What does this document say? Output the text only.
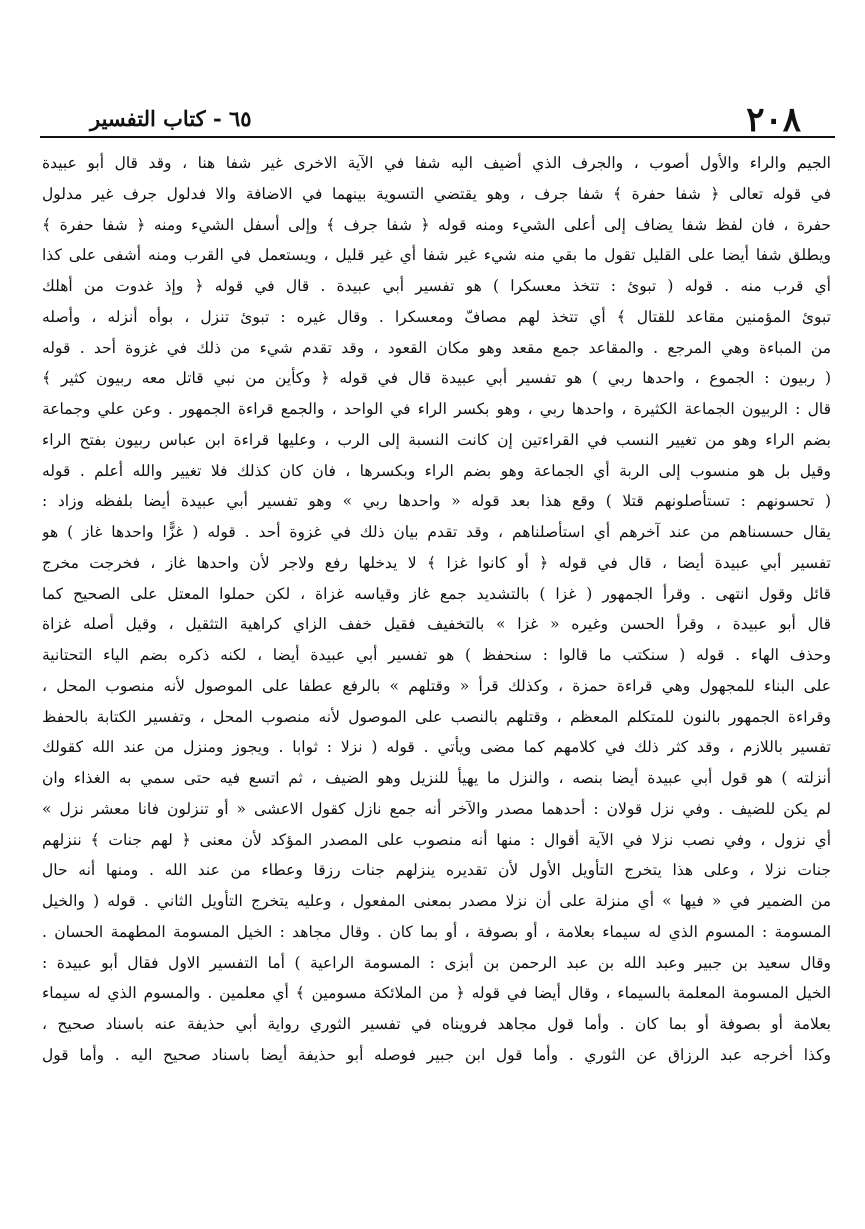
٢٠٨
٦٥ - كتاب التفسير
الجيم والراء والأول أصوب ، والجرف الذي أضيف اليه شفا في الآية الاخرى غير شفا هنا ، وقد قال أبو عبيدة
في قوله تعالى ﴿ شفا حفرة ﴾ شفا جرف ، وهو يقتضي التسوية بينهما في الاضافة والا فدلول جرف غير مدلول
حفرة ، فان لفظ شفا يضاف إلى أعلى الشيء ومنه قوله ﴿ شفا جرف ﴾ وإلى أسفل الشيء ومنه ﴿ شفا حفرة ﴾
ويطلق شفا أيضا على القليل تقول ما بقي منه شيء غير شفا أي غير قليل ، ويستعمل في القرب ومنه أشفى على كذا
أي قرب منه . قوله ( تبوئ : تتخذ معسكرا ) هو تفسير أبي عبيدة . قال في قوله ﴿ وإذ غدوت من أهلك
تبوئ المؤمنين مقاعد للقتال ﴾ أي تتخذ لهم مصافّ ومعسكرا . وقال غيره : تبوئ تنزل ، بوأه أنزله ، وأصله
من المباءة وهي المرجع . والمقاعد جمع مقعد وهو مكان القعود ، وقد تقدم شيء من ذلك في غزوة أحد . قوله
( ربيون : الجموع ، واحدها ربي ) هو تفسير أبي عبيدة قال في قوله ﴿ وكأين من نبي قاتل معه ربيون كثير ﴾
قال : الربيون الجماعة الكثيرة ، واحدها ربي ، وهو بكسر الراء في الواحد ، والجمع قراءة الجمهور . وعن علي وجماعة
بضم الراء وهو من تغيير النسب في القراءتين إن كانت النسبة إلى الرب ، وعليها قراءة ابن عباس ربيون بفتح الراء
وقيل بل هو منسوب إلى الربة أي الجماعة وهو بضم الراء وبكسرها ، فان كان كذلك فلا تغيير والله أعلم . قوله
( تحسونهم : تستأصلونهم قتلا ) وقع هذا بعد قوله « واحدها ربي » وهو تفسير أبي عبيدة أيضا بلفظه وزاد :
يقال حسسناهم من عند آخرهم أي استأصلناهم ، وقد تقدم بيان ذلك في غزوة أحد . قوله ( غزًّا واحدها غاز ) هو
تفسير أبي عبيدة أيضا ، قال في قوله ﴿ أو كانوا غزا ﴾ لا يدخلها رفع ولاجر لأن واحدها غاز ، فخرجت مخرج
قائل وقول انتهى . وقرأ الجمهور ( غزا ) بالتشديد جمع غاز وقياسه غزاة ، لكن حملوا المعتل على الصحيح كما
قال أبو عبيدة ، وقرأ الحسن وغيره « غزا » بالتخفيف فقيل خفف الزاي كراهية التثقيل ، وقيل أصله غزاة
وحذف الهاء . قوله ( سنكتب ما قالوا : سنحفظ ) هو تفسير أبي عبيدة أيضا ، لكنه ذكره بضم الياء التحتانية
على البناء للمجهول وهي قراءة حمزة ، وكذلك قرأ « وقتلهم » بالرفع عطفا على الموصول لأنه منصوب المحل ،
وقراءة الجمهور بالنون للمتكلم المعظم ، وقتلهم بالنصب على الموصول لأنه منصوب المحل ، وتفسير الكتابة بالحفظ
تفسير باللازم ، وقد كثر ذلك في كلامهم كما مضى ويأتي . قوله ( نزلا : ثوابا . ويجوز ومنزل من عند الله كقولك
أنزلته ) هو قول أبي عبيدة أيضا بنصه ، والنزل ما يهيأ للنزيل وهو الضيف ، ثم اتسع فيه حتى سمي به الغذاء وان
لم يكن للضيف . وفي نزل قولان : أحدهما مصدر والآخر أنه جمع نازل كقول الاعشى « أو تنزلون فانا معشر نزل »
أي نزول ، وفي نصب نزلا في الآية أقوال : منها أنه منصوب على المصدر المؤكد لأن معنى ﴿ لهم جنات ﴾ ننزلهم
جنات نزلا ، وعلى هذا يتخرج التأويل الأول لأن تقديره ينزلهم جنات رزقا وعطاء من عند الله . ومنها أنه حال
من الضمير في « فيها » أي منزلة على أن نزلا مصدر بمعنى المفعول ، وعليه يتخرج التأويل الثاني . قوله ( والخيل
المسومة : المسوم الذي له سيماء بعلامة ، أو بصوفة ، أو بما كان . وقال مجاهد : الخيل المسومة المطهمة الحسان .
وقال سعيد بن جبير وعبد الله بن عبد الرحمن بن أبزى : المسومة الراعية ) أما التفسير الاول فقال أبو عبيدة :
الخيل المسومة المعلمة بالسيماء ، وقال أيضا في قوله ﴿ من الملائكة مسومين ﴾ أي معلمين . والمسوم الذي له سيماء
بعلامة أو بصوفة أو بما كان . وأما قول مجاهد فرويناه في تفسير الثوري رواية أبي حذيفة عنه باسناد صحيح ،
وكذا أخرجه عبد الرزاق عن الثوري . وأما قول ابن جبير فوصله أبو حذيفة أيضا باسناد صحيح اليه . وأما قول
